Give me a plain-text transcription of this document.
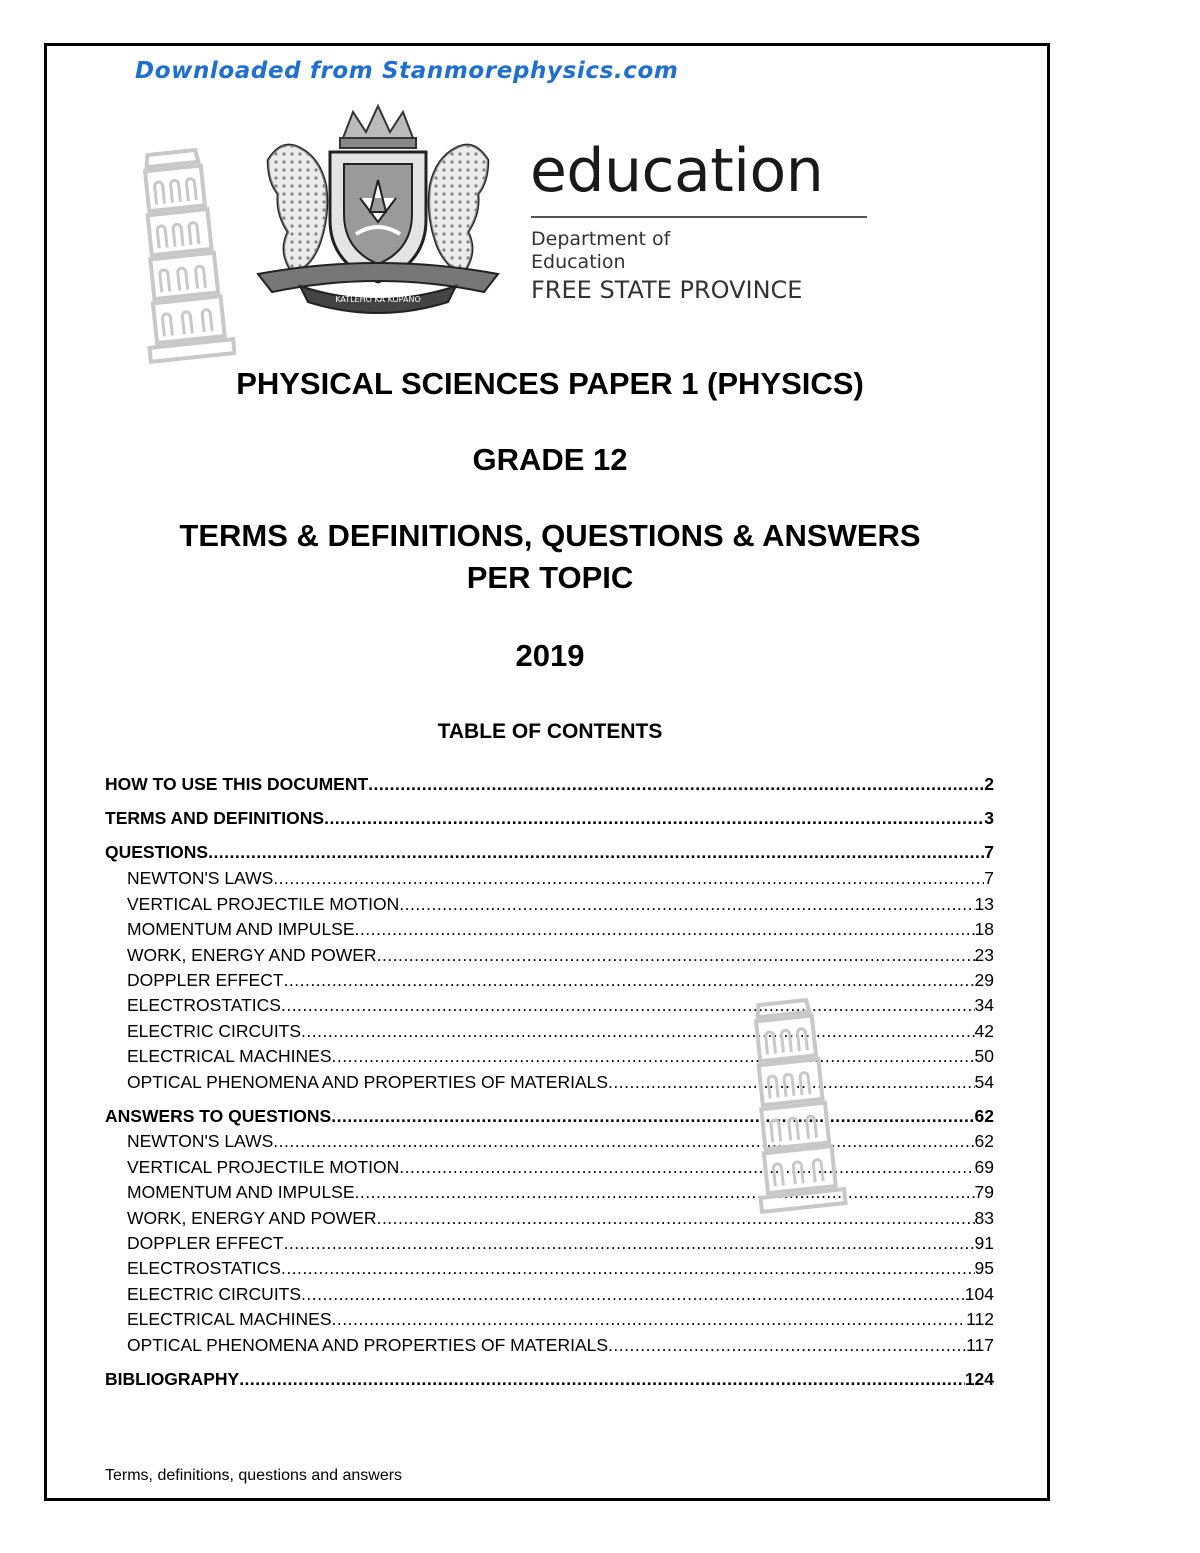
Downloaded from Stanmorephysics.com
KATLEHO KA KOPANO
education
Department of
Education
FREE STATE PROVINCE
PHYSICAL SCIENCES PAPER 1 (PHYSICS)
GRADE 12
TERMS & DEFINITIONS, QUESTIONS & ANSWERS
PER TOPIC
2019
TABLE OF CONTENTS
HOW TO USE THIS DOCUMENT .....	2
TERMS AND DEFINITIONS .....	3
QUESTIONS .....	7
NEWTON'S LAWS .....	7
VERTICAL PROJECTILE MOTION .....	13
MOMENTUM AND IMPULSE .....	18
WORK, ENERGY AND POWER .....	23
DOPPLER EFFECT .....	29
ELECTROSTATICS .....	34
ELECTRIC CIRCUITS .....	42
ELECTRICAL MACHINES .....	50
OPTICAL PHENOMENA AND PROPERTIES OF MATERIALS .....	54
ANSWERS TO QUESTIONS .....	62
NEWTON'S LAWS .....	62
VERTICAL PROJECTILE MOTION .....	69
MOMENTUM AND IMPULSE .....	79
WORK, ENERGY AND POWER .....	83
DOPPLER EFFECT .....	91
ELECTROSTATICS .....	95
ELECTRIC CIRCUITS .....	104
ELECTRICAL MACHINES .....	112
OPTICAL PHENOMENA AND PROPERTIES OF MATERIALS .....	117
BIBLIOGRAPHY .....	124
Terms, definitions, questions and answers
